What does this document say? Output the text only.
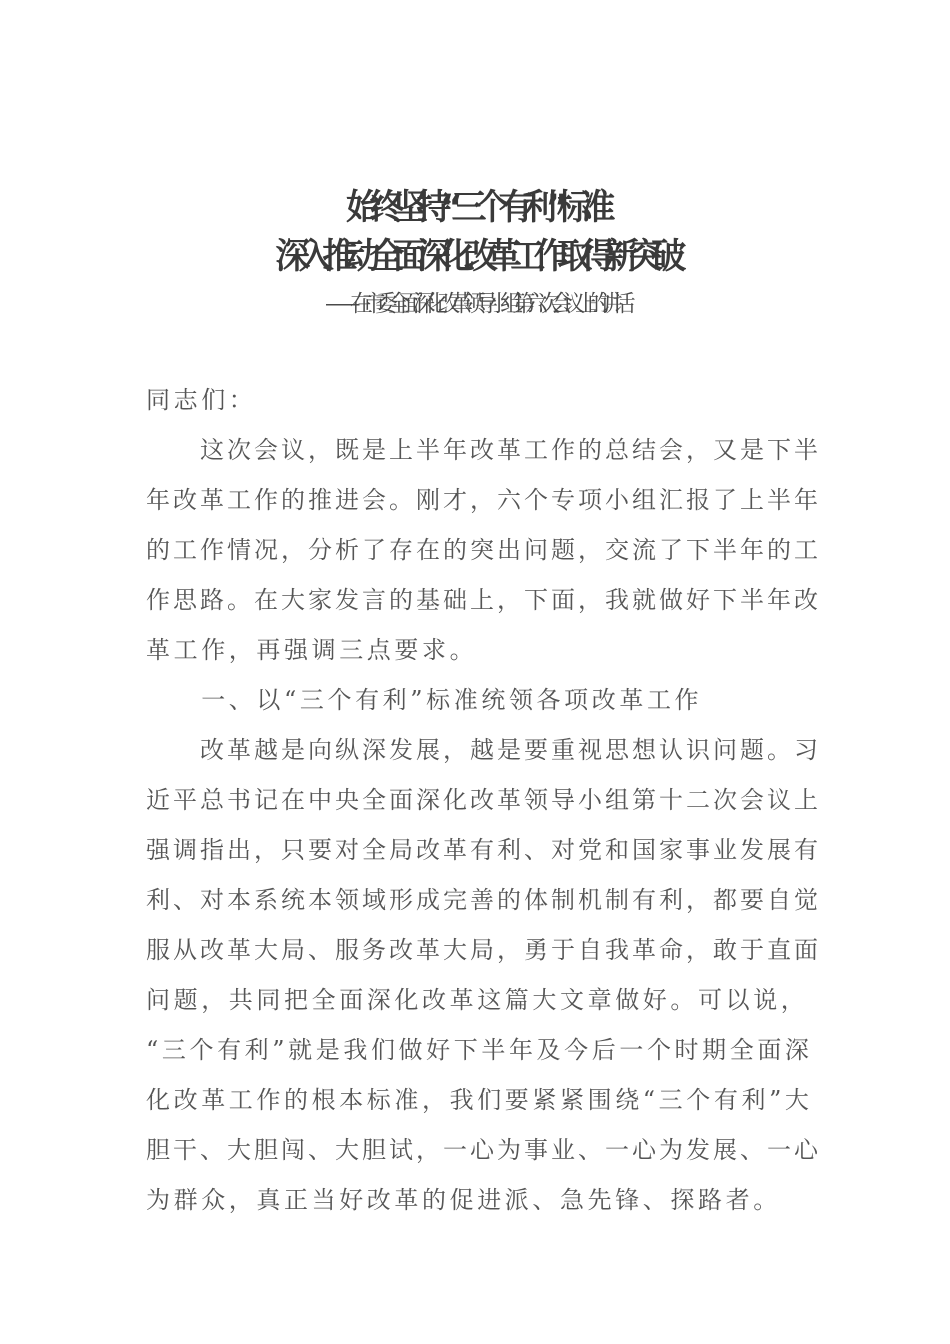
始终坚持“三个有利”标准
深入推动全面深化改革工作取得新突破
——在市委全面深化改革领导小组第六次会议上的讲话
同志们：
　　这次会议，既是上半年改革工作的总结会，又是下半
年改革工作的推进会。刚才，六个专项小组汇报了上半年
的工作情况，分析了存在的突出问题，交流了下半年的工
作思路。在大家发言的基础上，下面，我就做好下半年改
革工作，再强调三点要求。
　　一、以“三个有利”标准统领各项改革工作
　　改革越是向纵深发展，越是要重视思想认识问题。习
近平总书记在中央全面深化改革领导小组第十二次会议上
强调指出，只要对全局改革有利、对党和国家事业发展有
利、对本系统本领域形成完善的体制机制有利，都要自觉
服从改革大局、服务改革大局，勇于自我革命，敢于直面
问题，共同把全面深化改革这篇大文章做好。可以说，
“三个有利”就是我们做好下半年及今后一个时期全面深
化改革工作的根本标准，我们要紧紧围绕“三个有利”大
胆干、大胆闯、大胆试，一心为事业、一心为发展、一心
为群众，真正当好改革的促进派、急先锋、探路者。
